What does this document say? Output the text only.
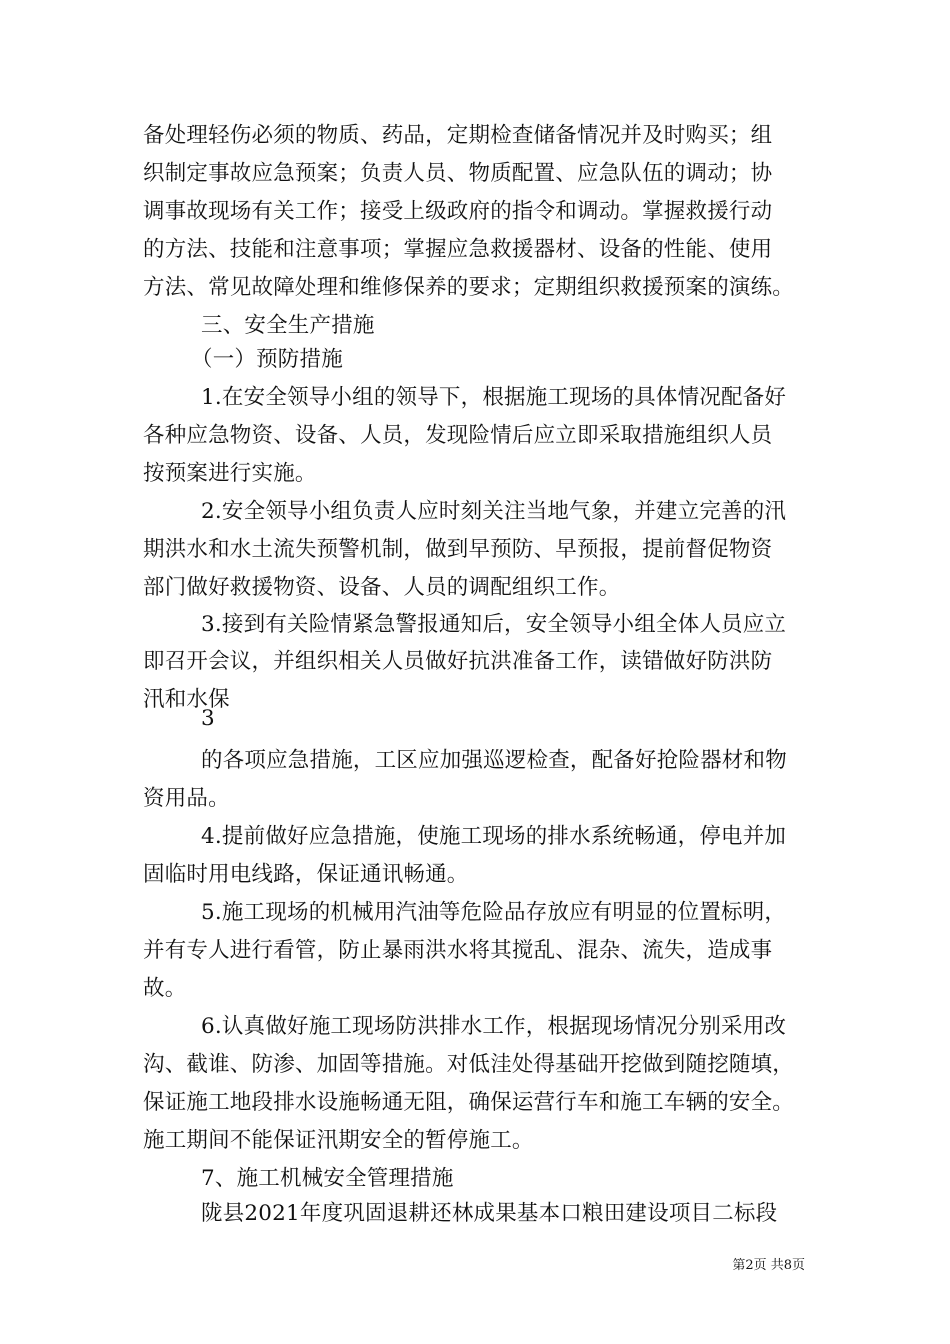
备处理轻伤必须的物质、药品，定期检查储备情况并及时购买；组
织制定事故应急预案；负责人员、物质配置、应急队伍的调动；协
调事故现场有关工作；接受上级政府的指令和调动。掌握救援行动
的方法、技能和注意事项；掌握应急救援器材、设备的性能、使用
方法、常见故障处理和维修保养的要求；定期组织救援预案的演练。
三、安全生产措施
（一）预防措施
1.在安全领导小组的领导下，根据施工现场的具体情况配备好
各种应急物资、设备、人员，发现险情后应立即采取措施组织人员
按预案进行实施。
2.安全领导小组负责人应时刻关注当地气象，并建立完善的汛
期洪水和水土流失预警机制，做到早预防、早预报，提前督促物资
部门做好救援物资、设备、人员的调配组织工作。
3.接到有关险情紧急警报通知后，安全领导小组全体人员应立
即召开会议，并组织相关人员做好抗洪准备工作，读错做好防洪防
汛和水保
3
的各项应急措施，工区应加强巡逻检查，配备好抢险器材和物
资用品。
4.提前做好应急措施，使施工现场的排水系统畅通，停电并加
固临时用电线路，保证通讯畅通。
5.施工现场的机械用汽油等危险品存放应有明显的位置标明，
并有专人进行看管，防止暴雨洪水将其搅乱、混杂、流失，造成事
故。
6.认真做好施工现场防洪排水工作，根据现场情况分别采用改
沟、截谁、防渗、加固等措施。对低洼处得基础开挖做到随挖随填，
保证施工地段排水设施畅通无阻，确保运营行车和施工车辆的安全。
施工期间不能保证汛期安全的暂停施工。
7、施工机械安全管理措施
陇县2021年度巩固退耕还林成果基本口粮田建设项目二标段
第2页 共8页
